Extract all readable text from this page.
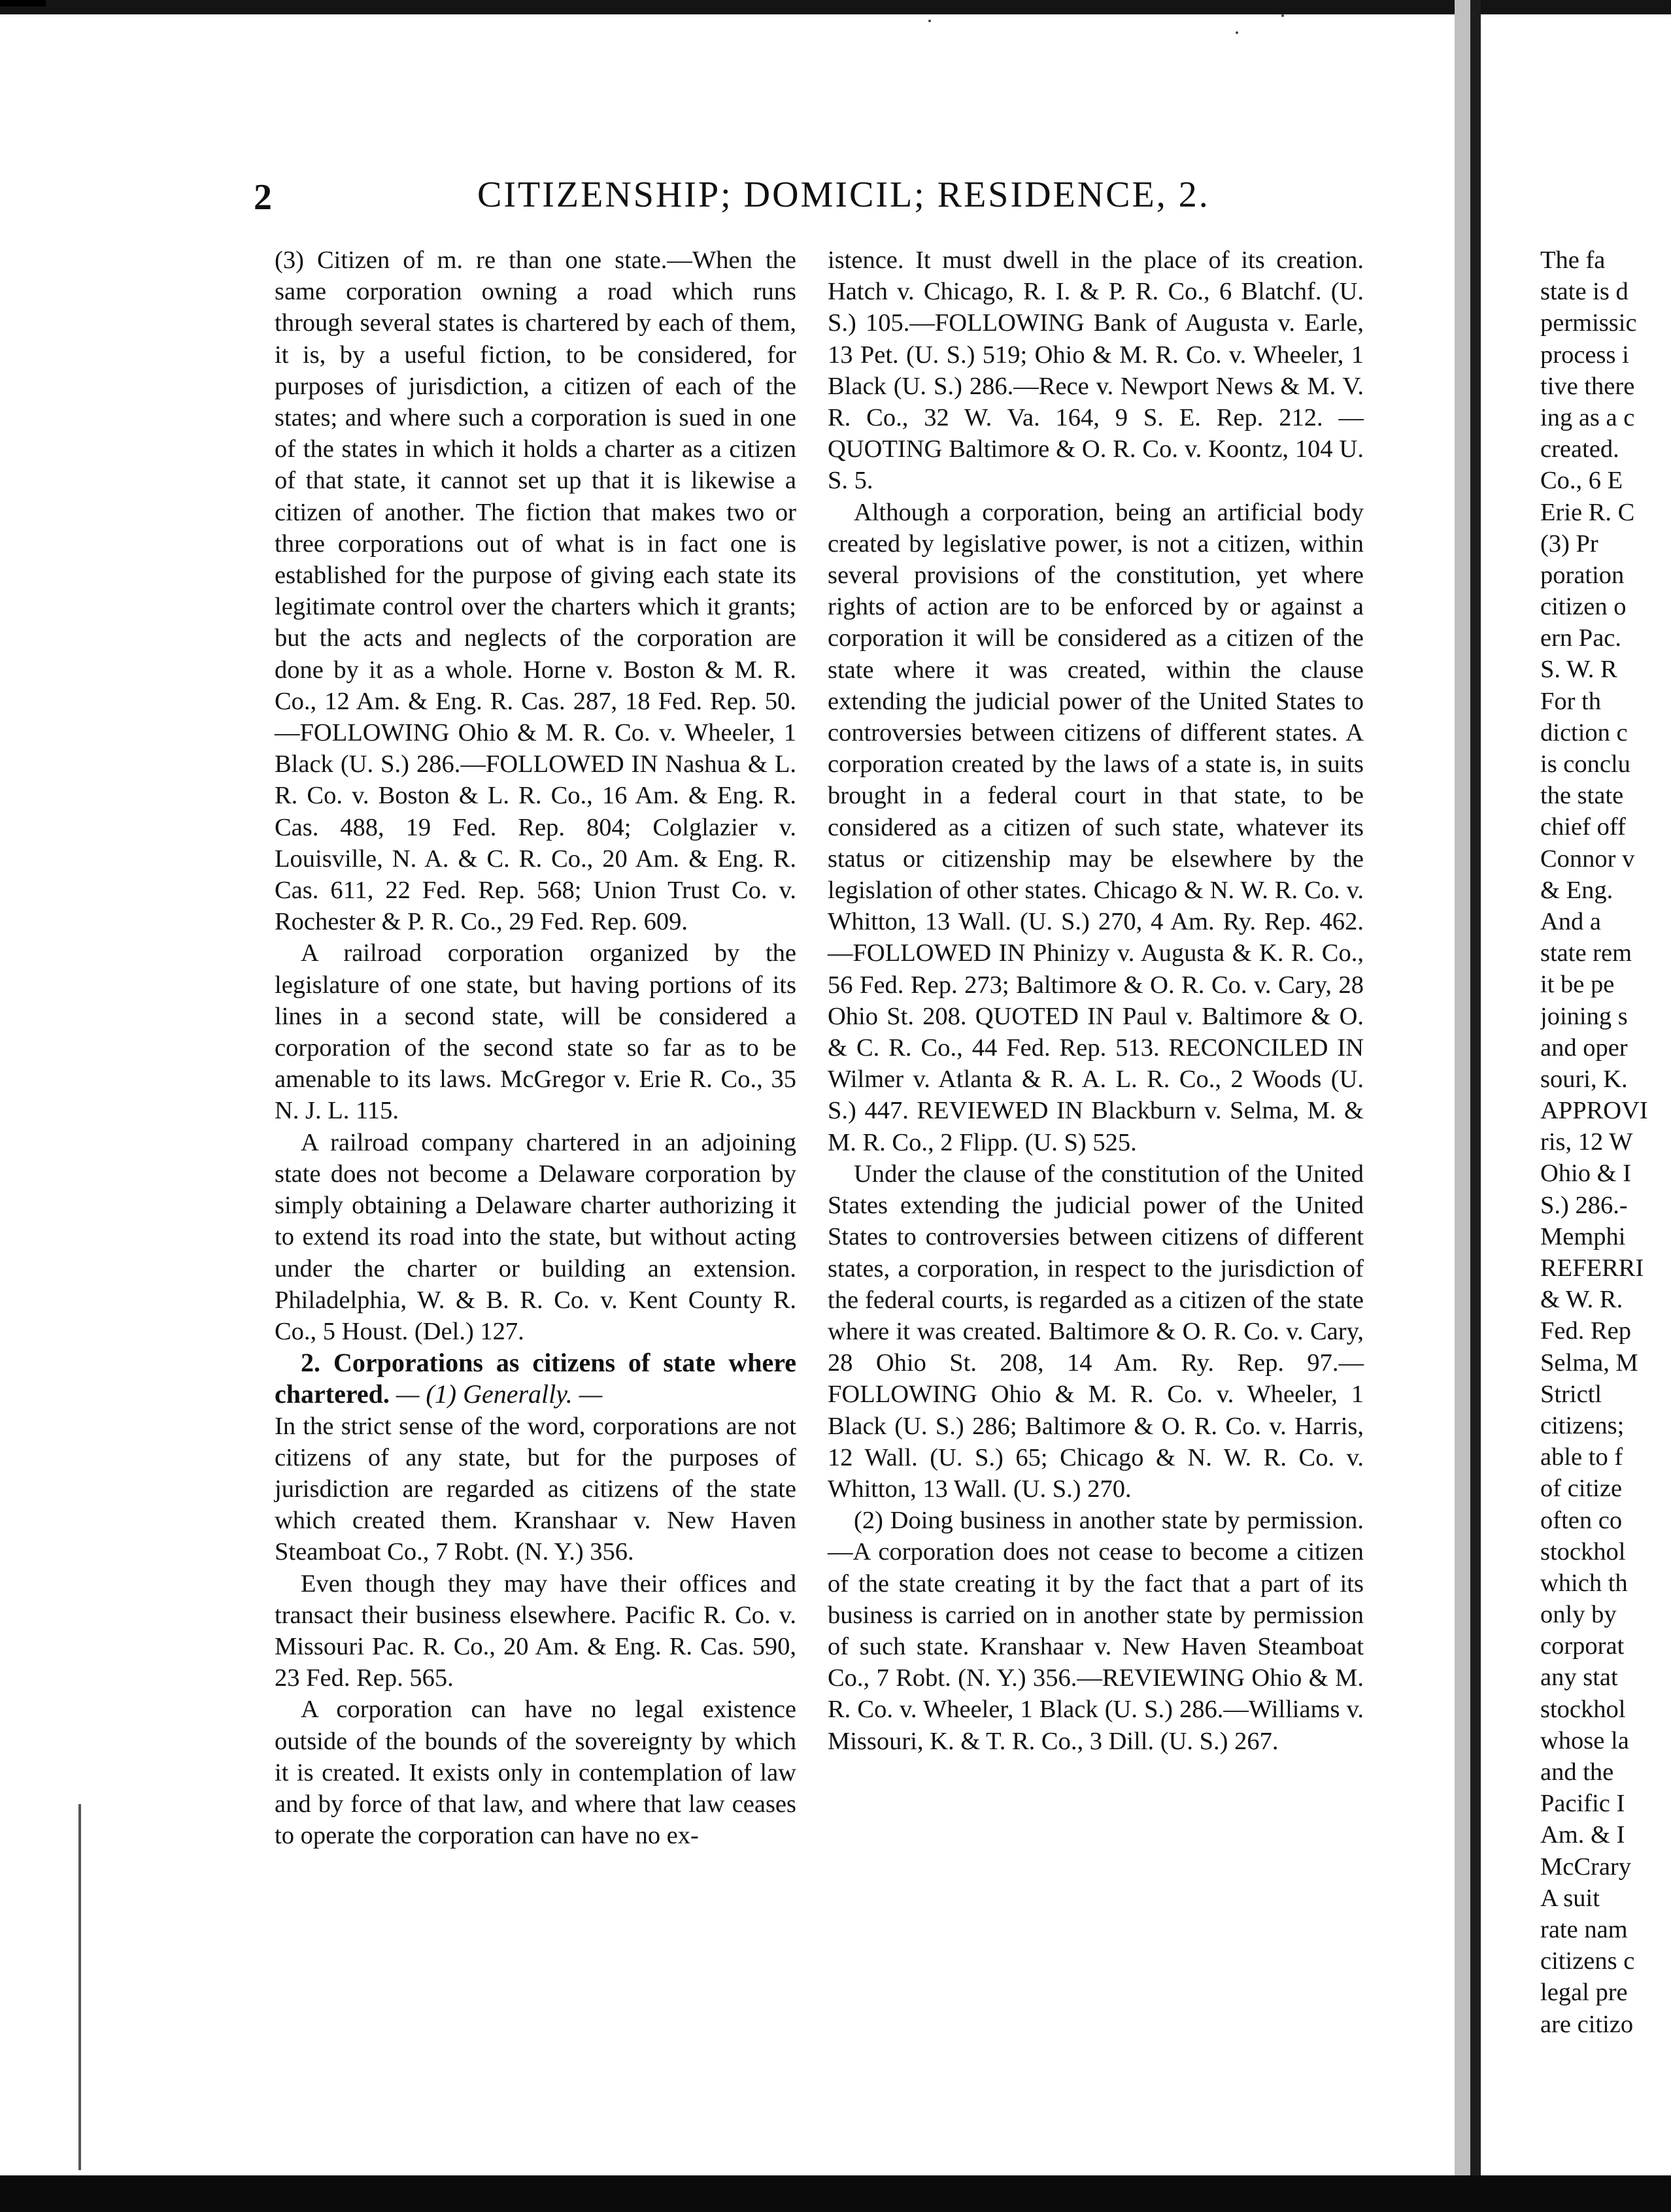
2	CITIZENSHIP; DOMICIL; RESIDENCE, 2.

(3) Citizen of m. re than one state.—When the same corporation owning a road which runs through several states is chartered by each of them, it is, by a useful fiction, to be considered, for purposes of jurisdiction, a citizen of each of the states; and where such a corporation is sued in one of the states in which it holds a charter as a citizen of that state, it cannot set up that it is likewise a citizen of another. The fiction that makes two or three corporations out of what is in fact one is established for the purpose of giving each state its legitimate control over the charters which it grants; but the acts and neglects of the corporation are done by it as a whole. Horne v. Boston & M. R. Co., 12 Am. & Eng. R. Cas. 287, 18 Fed. Rep. 50.—FOLLOWING Ohio & M. R. Co. v. Wheeler, 1 Black (U. S.) 286.—FOLLOWED IN Nashua & L. R. Co. v. Boston & L. R. Co., 16 Am. & Eng. R. Cas. 488, 19 Fed. Rep. 804; Colglazier v. Louisville, N. A. & C. R. Co., 20 Am. & Eng. R. Cas. 611, 22 Fed. Rep. 568; Union Trust Co. v. Rochester & P. R. Co., 29 Fed. Rep. 609.

A railroad corporation organized by the legislature of one state, but having portions of its lines in a second state, will be considered a corporation of the second state so far as to be amenable to its laws. McGregor v. Erie R. Co., 35 N. J. L. 115.

A railroad company chartered in an adjoining state does not become a Delaware corporation by simply obtaining a Delaware charter authorizing it to extend its road into the state, but without acting under the charter or building an extension. Philadelphia, W. & B. R. Co. v. Kent County R. Co., 5 Houst. (Del.) 127.

2. Corporations as citizens of state where chartered. — (1) Generally. —

In the strict sense of the word, corporations are not citizens of any state, but for the purposes of jurisdiction are regarded as citizens of the state which created them. Kranshaar v. New Haven Steamboat Co., 7 Robt. (N. Y.) 356.

Even though they may have their offices and transact their business elsewhere. Pacific R. Co. v. Missouri Pac. R. Co., 20 Am. & Eng. R. Cas. 590, 23 Fed. Rep. 565.

A corporation can have no legal existence outside of the bounds of the sovereignty by which it is created. It exists only in contemplation of law and by force of that law, and where that law ceases to operate the corporation can have no ex-

istence. It must dwell in the place of its creation. Hatch v. Chicago, R. I. & P. R. Co., 6 Blatchf. (U. S.) 105.—FOLLOWING Bank of Augusta v. Earle, 13 Pet. (U. S.) 519; Ohio & M. R. Co. v. Wheeler, 1 Black (U. S.) 286.—Rece v. Newport News & M. V. R. Co., 32 W. Va. 164, 9 S. E. Rep. 212. —QUOTING Baltimore & O. R. Co. v. Koontz, 104 U. S. 5.

Although a corporation, being an artificial body created by legislative power, is not a citizen, within several provisions of the constitution, yet where rights of action are to be enforced by or against a corporation it will be considered as a citizen of the state where it was created, within the clause extending the judicial power of the United States to controversies between citizens of different states. A corporation created by the laws of a state is, in suits brought in a federal court in that state, to be considered as a citizen of such state, whatever its status or citizenship may be elsewhere by the legislation of other states. Chicago & N. W. R. Co. v. Whitton, 13 Wall. (U. S.) 270, 4 Am. Ry. Rep. 462.—FOLLOWED IN Phinizy v. Augusta & K. R. Co., 56 Fed. Rep. 273; Baltimore & O. R. Co. v. Cary, 28 Ohio St. 208. QUOTED IN Paul v. Baltimore & O. & C. R. Co., 44 Fed. Rep. 513. RECONCILED IN Wilmer v. Atlanta & R. A. L. R. Co., 2 Woods (U. S.) 447. REVIEWED IN Blackburn v. Selma, M. & M. R. Co., 2 Flipp. (U. S) 525.

Under the clause of the constitution of the United States extending the judicial power of the United States to controversies between citizens of different states, a corporation, in respect to the jurisdiction of the federal courts, is regarded as a citizen of the state where it was created. Baltimore & O. R. Co. v. Cary, 28 Ohio St. 208, 14 Am. Ry. Rep. 97.—FOLLOWING Ohio & M. R. Co. v. Wheeler, 1 Black (U. S.) 286; Baltimore & O. R. Co. v. Harris, 12 Wall. (U. S.) 65; Chicago & N. W. R. Co. v. Whitton, 13 Wall. (U. S.) 270.

(2) Doing business in another state by permission.—A corporation does not cease to become a citizen of the state creating it by the fact that a part of its business is carried on in another state by permission of such state. Kranshaar v. New Haven Steamboat Co., 7 Robt. (N. Y.) 356.—REVIEWING Ohio & M. R. Co. v. Wheeler, 1 Black (U. S.) 286.—Williams v. Missouri, K. & T. R. Co., 3 Dill. (U. S.) 267.

The fa
state is d
permissic
process i
tive there
ing as a c
created.
Co., 6 E
Erie R. C
(3) Pr
poration
citizen o
ern Pac.
S. W. R
For th
diction c
is conclu
the state
chief off
Connor v
& Eng.
And a
state rem
it be pe
joining s
and oper
souri, K.
APPROVI
ris, 12 W
Ohio & I
S.) 286.-
Memphi
REFERRI
& W. R.
Fed. Rep
Selma, M
Strictl
citizens;
able to f
of citize
often co
stockhol
which th
only by
corporat
any stat
stockhol
whose la
and the
Pacific I
Am. & I
McCrary
A suit
rate nam
citizens c
legal pre
are citizo
